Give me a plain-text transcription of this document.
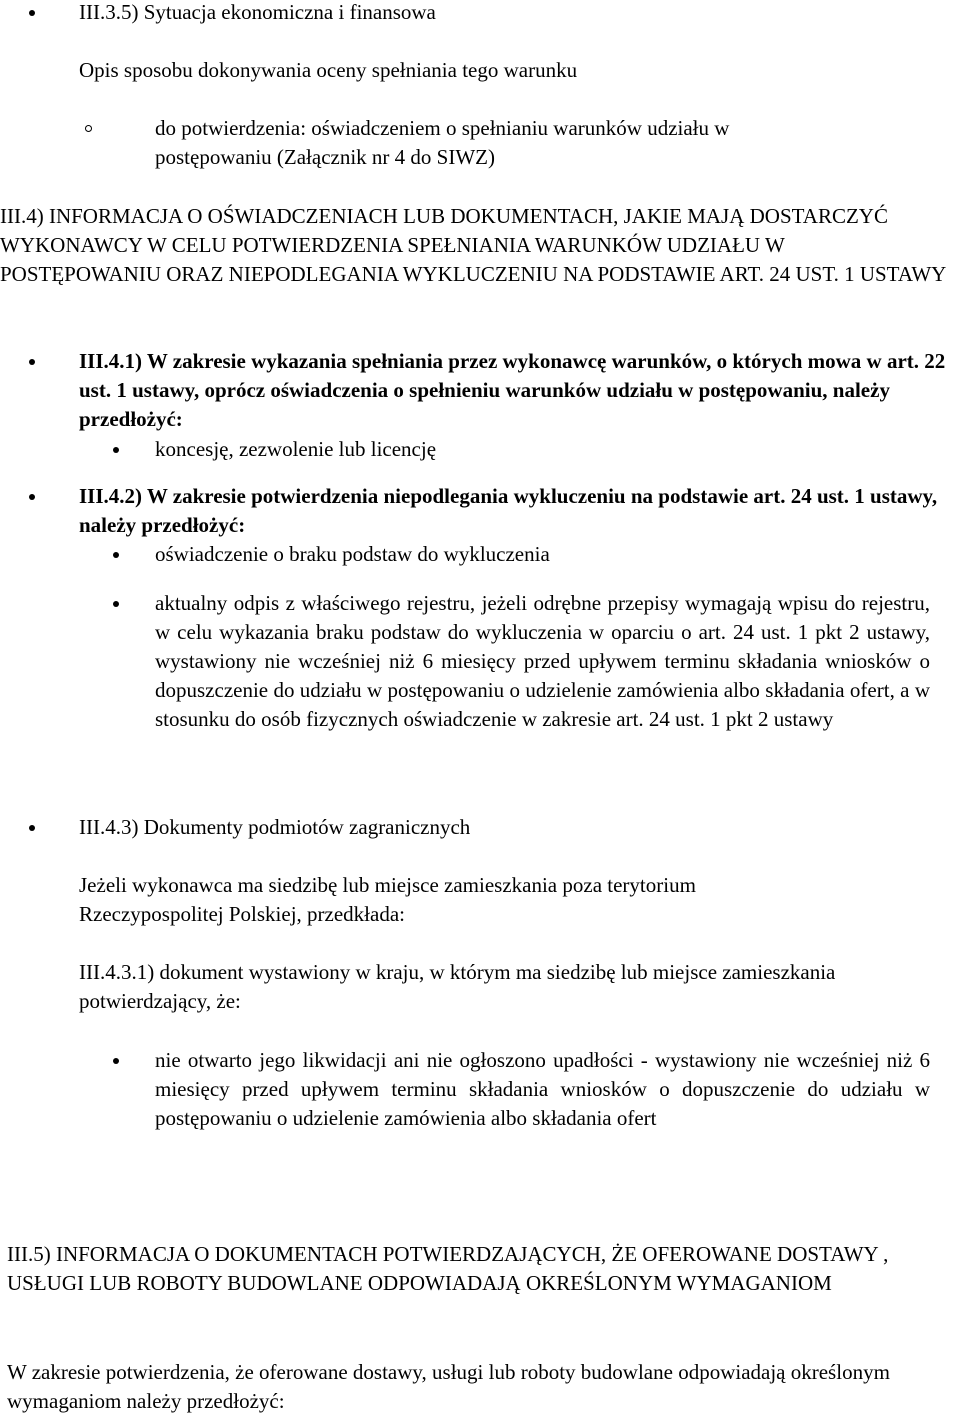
III.3.5) Sytuacja ekonomiczna i finansowa

Opis sposobu dokonywania oceny spełniania tego warunku

do potwierdzenia: oświadczeniem o spełnianiu warunków udziału w postępowaniu (Załącznik nr 4 do SIWZ)

III.4) INFORMACJA O OŚWIADCZENIACH LUB DOKUMENTACH, JAKIE MAJĄ DOSTARCZYĆ WYKONAWCY W CELU POTWIERDZENIA SPEŁNIANIA WARUNKÓW UDZIAŁU W POSTĘPOWANIU ORAZ NIEPODLEGANIA WYKLUCZENIU NA PODSTAWIE ART. 24 UST. 1 USTAWY

III.4.1) W zakresie wykazania spełniania przez wykonawcę warunków, o których mowa w art. 22 ust. 1 ustawy, oprócz oświadczenia o spełnieniu warunków udziału w postępowaniu, należy przedłożyć:
koncesję, zezwolenie lub licencję
III.4.2) W zakresie potwierdzenia niepodlegania wykluczeniu na podstawie art. 24 ust. 1 ustawy, należy przedłożyć:
oświadczenie o braku podstaw do wykluczenia
aktualny odpis z właściwego rejestru, jeżeli odrębne przepisy wymagają wpisu do rejestru, w celu wykazania braku podstaw do wykluczenia w oparciu o art. 24 ust. 1 pkt 2 ustawy, wystawiony nie wcześniej niż 6 miesięcy przed upływem terminu składania wniosków o dopuszczenie do udziału w postępowaniu o udzielenie zamówienia albo składania ofert, a w stosunku do osób fizycznych oświadczenie w zakresie art. 24 ust. 1 pkt 2 ustawy
III.4.3) Dokumenty podmiotów zagranicznych

Jeżeli wykonawca ma siedzibę lub miejsce zamieszkania poza terytorium Rzeczypospolitej Polskiej, przedkłada:

III.4.3.1) dokument wystawiony w kraju, w którym ma siedzibę lub miejsce zamieszkania potwierdzający, że:

nie otwarto jego likwidacji ani nie ogłoszono upadłości - wystawiony nie wcześniej niż 6 miesięcy przed upływem terminu składania wniosków o dopuszczenie do udziału w postępowaniu o udzielenie zamówienia albo składania ofert

III.5) INFORMACJA O DOKUMENTACH POTWIERDZAJĄCYCH, ŻE OFEROWANE DOSTAWY , USŁUGI LUB ROBOTY BUDOWLANE ODPOWIADAJĄ OKREŚLONYM WYMAGANIOM

W zakresie potwierdzenia, że oferowane dostawy, usługi lub roboty budowlane odpowiadają określonym wymaganiom należy przedłożyć:
